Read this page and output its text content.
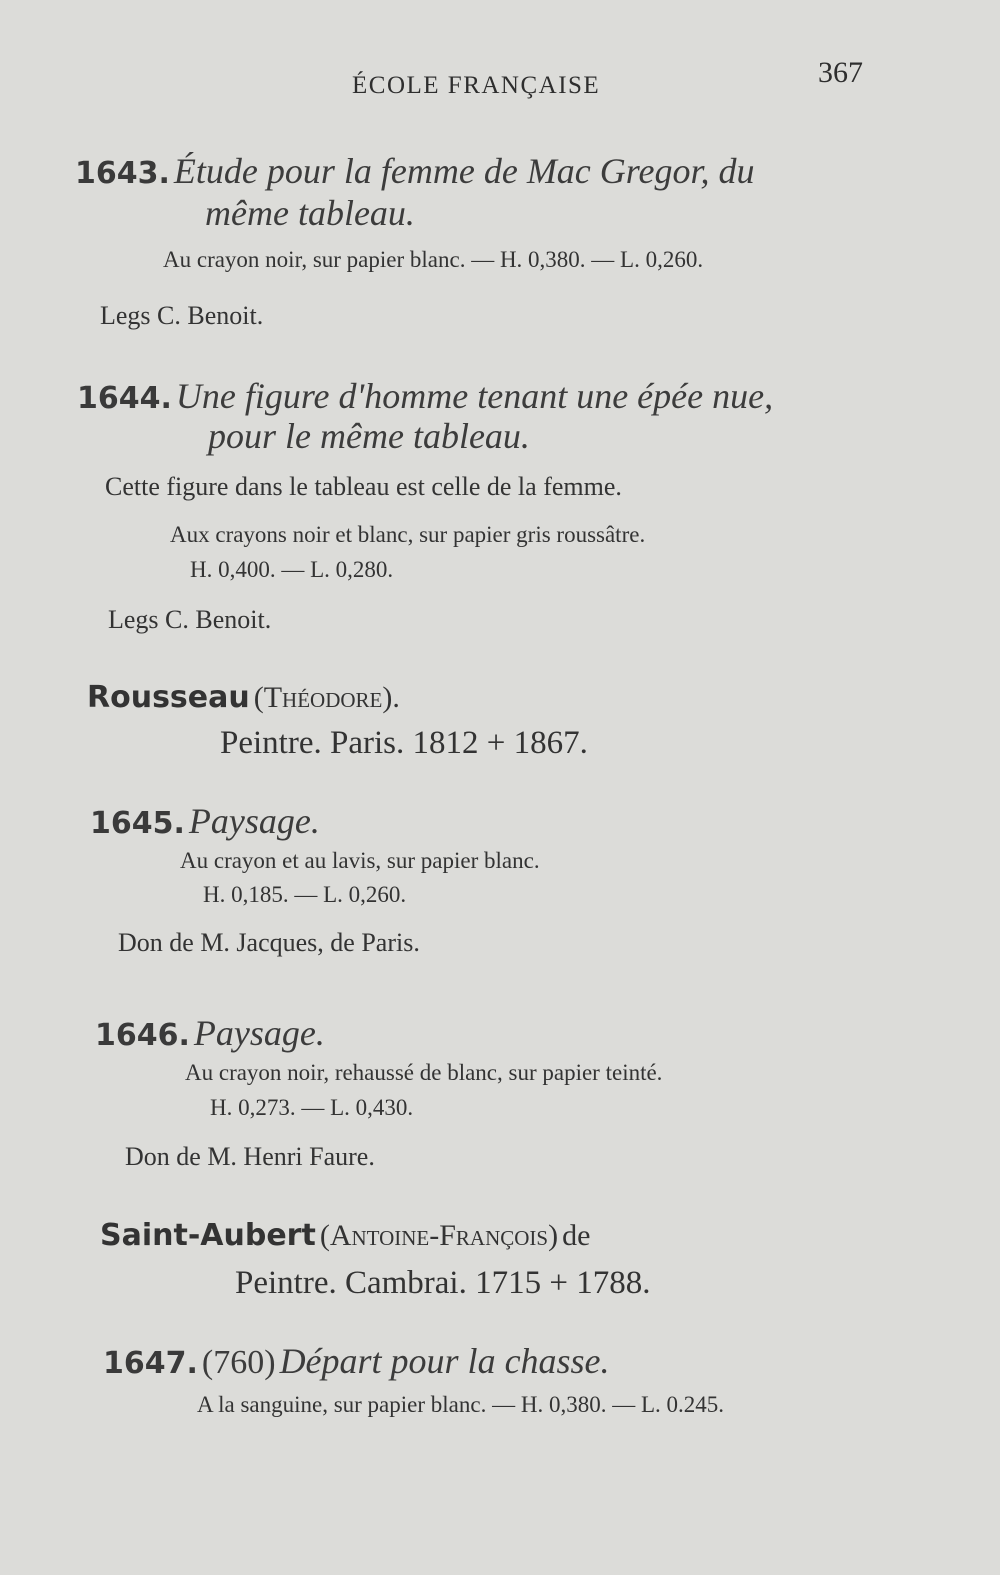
ÉCOLE FRANÇAISE	367
1643. Étude pour la femme de Mac Gregor, du
même tableau.
Au crayon noir, sur papier blanc. — H. 0,380. — L. 0,260.
Legs C. Benoit.
1644. Une figure d'homme tenant une épée nue,
pour le même tableau.
Cette figure dans le tableau est celle de la femme.
Aux crayons noir et blanc, sur papier gris roussâtre.
H. 0,400. — L. 0,280.
Legs C. Benoit.
Rousseau (Théodore).
Peintre. Paris. 1812 + 1867.
1645. Paysage.
Au crayon et au lavis, sur papier blanc.
H. 0,185. — L. 0,260.
Don de M. Jacques, de Paris.
1646. Paysage.
Au crayon noir, rehaussé de blanc, sur papier teinté.
H. 0,273. — L. 0,430.
Don de M. Henri Faure.
Saint-Aubert (Antoine-François) de
Peintre. Cambrai. 1715 + 1788.
1647. (760) Départ pour la chasse.
A la sanguine, sur papier blanc. — H. 0,380. — L. 0.245.
